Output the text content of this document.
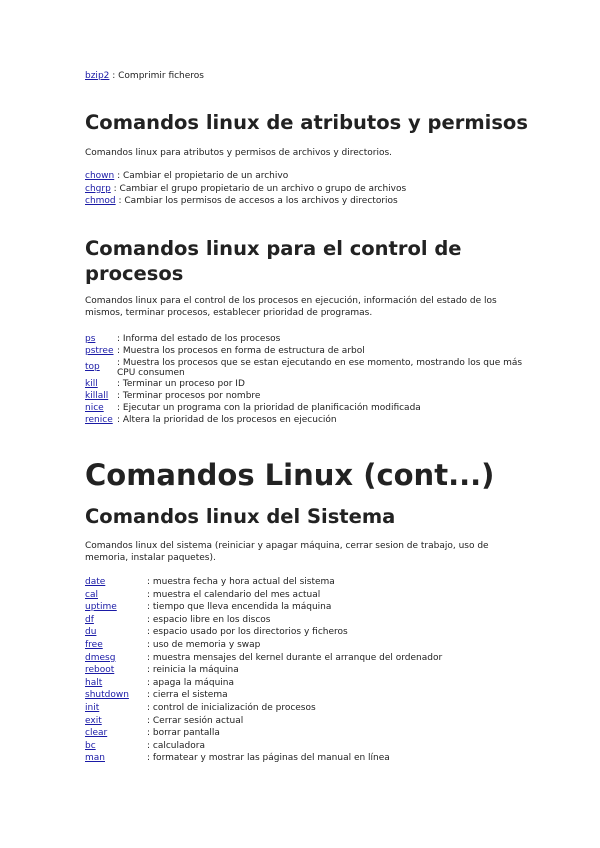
bzip2 : Comprimir ficheros
Comandos linux de atributos y permisos
Comandos linux para atributos y permisos de archivos y directorios.
chown : Cambiar el propietario de un archivo
chgrp : Cambiar el grupo propietario de un archivo o grupo de archivos
chmod : Cambiar los permisos de accesos a los archivos y directorios
Comandos linux para el control de procesos
Comandos linux para el control de los procesos en ejecución, información del estado de los mismos, terminar procesos, establecer prioridad de programas.
ps	: Informa del estado de los procesos
pstree : Muestra los procesos en forma de estructura de arbol
top	: Muestra los procesos que se estan ejecutando en ese momento, mostrando los que más CPU consumen
kill	: Terminar un proceso por ID
killall : Terminar procesos por nombre
nice	: Ejecutar un programa con la prioridad de planificación modificada
renice : Altera la prioridad de los procesos en ejecución
Comandos Linux (cont...)
Comandos linux del Sistema
Comandos linux del sistema (reiniciar y apagar máquina, cerrar sesion de trabajo, uso de memoria, instalar paquetes).
date	: muestra fecha y hora actual del sistema
cal	: muestra el calendario del mes actual
uptime	: tiempo que lleva encendida la máquina
df	: espacio libre en los discos
du	: espacio usado por los directorios y ficheros
free	: uso de memoria y swap
dmesg	: muestra mensajes del kernel durante el arranque del ordenador
reboot	: reinicia la máquina
halt	: apaga la máquina
shutdown	: cierra el sistema
init	: control de inicialización de procesos
exit	: Cerrar sesión actual
clear	: borrar pantalla
bc	: calculadora
man	: formatear y mostrar las páginas del manual en línea
